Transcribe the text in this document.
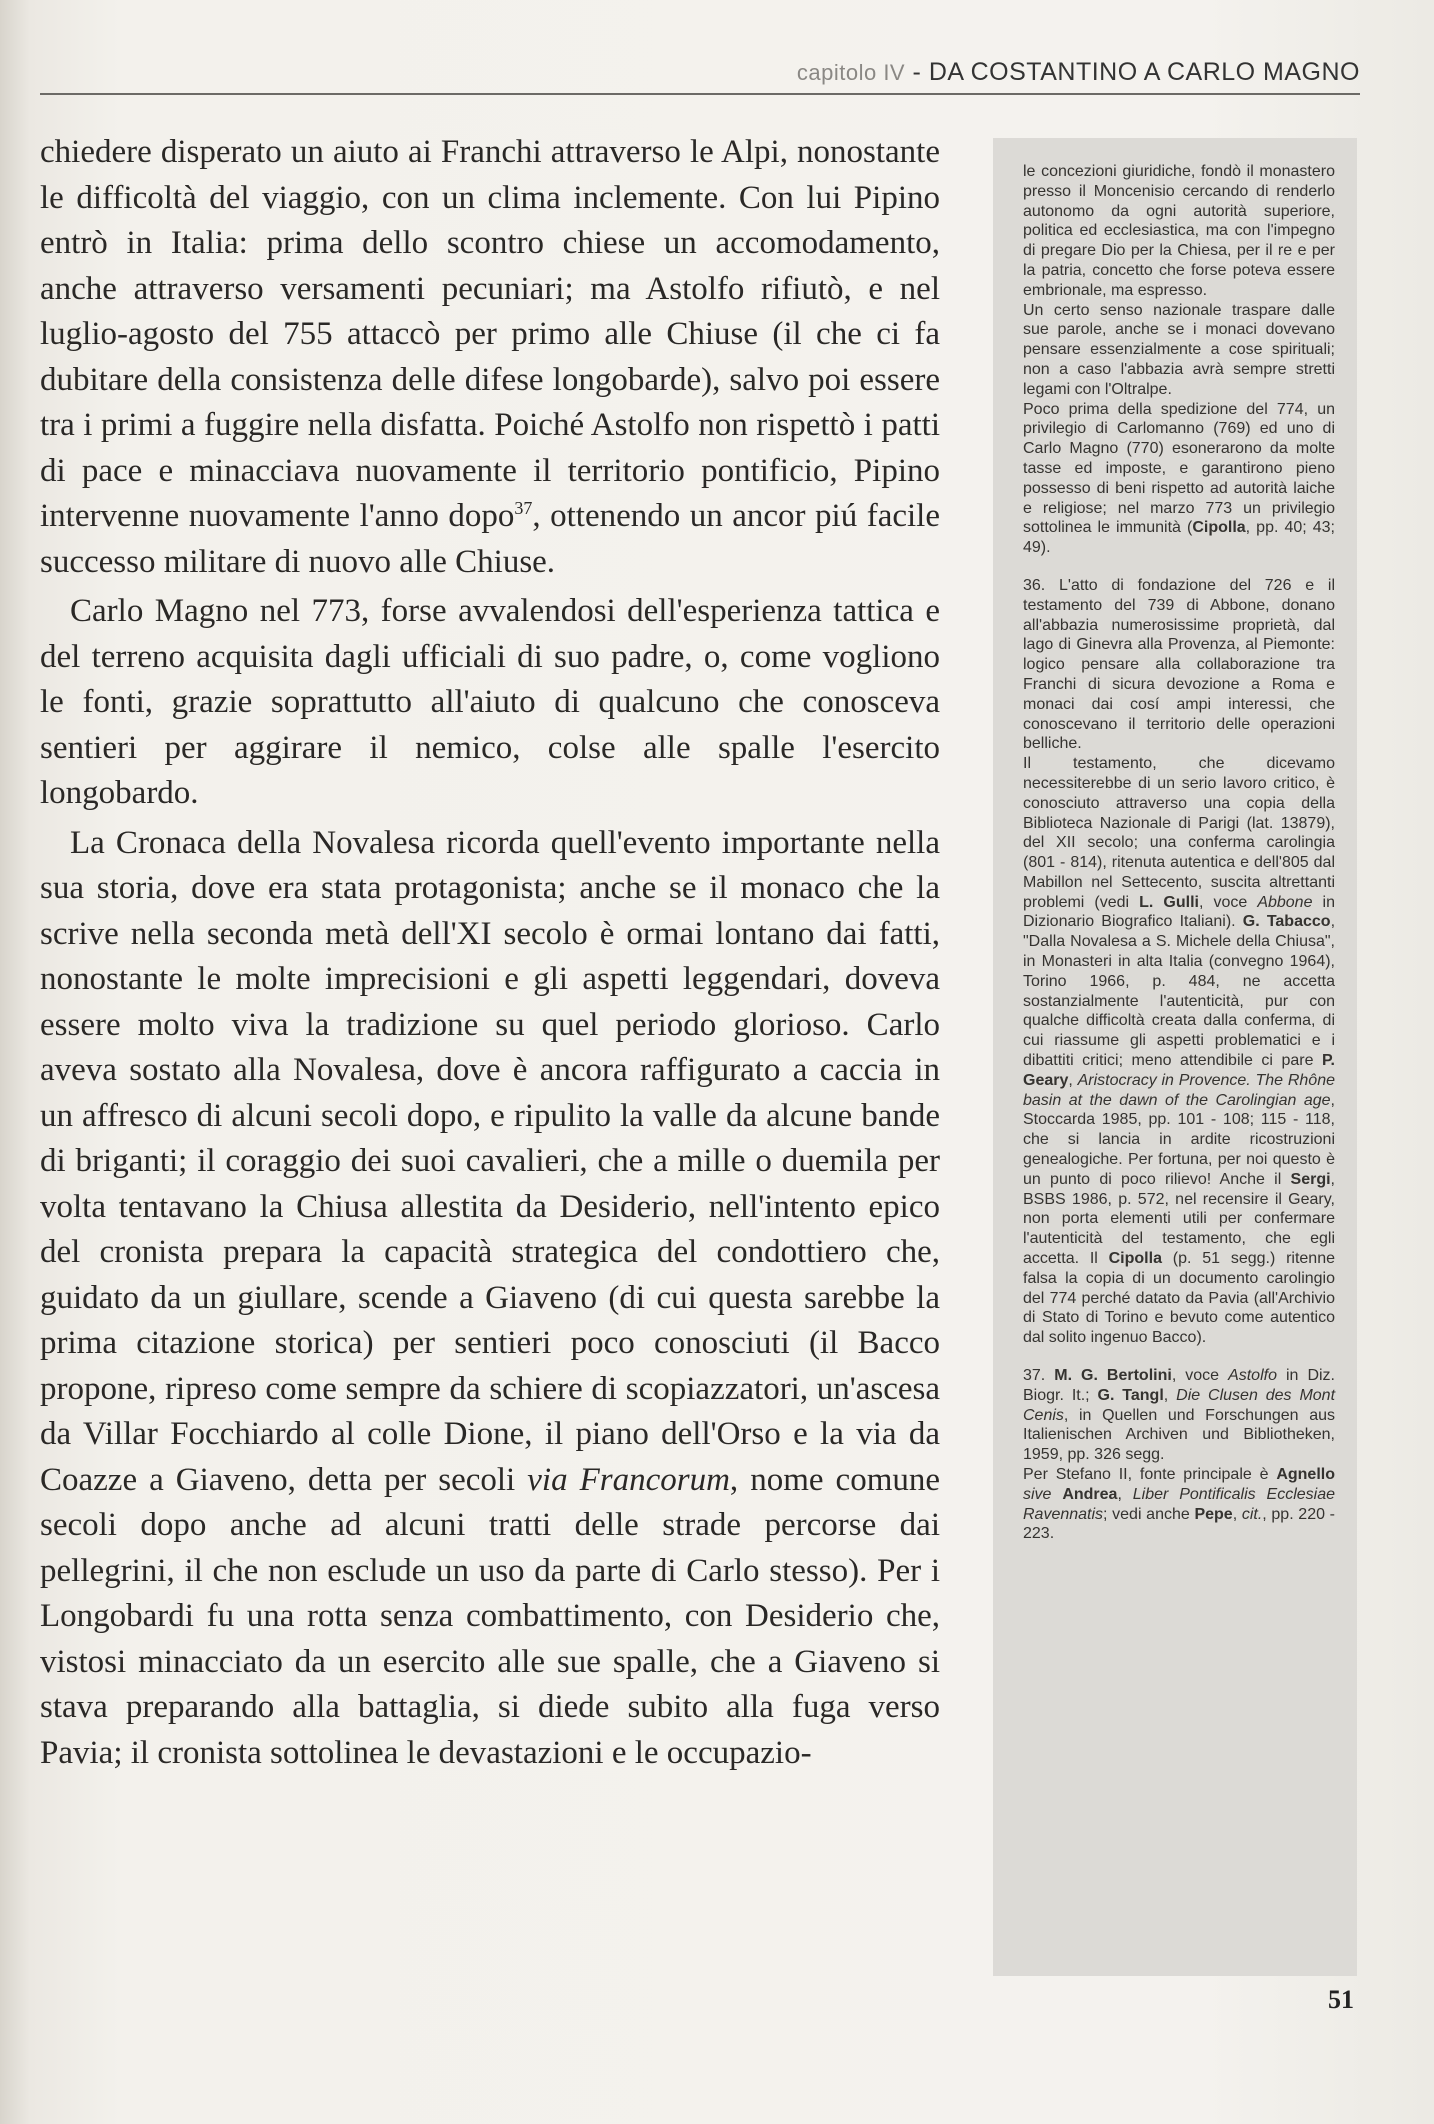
capitolo IV - DA COSTANTINO A CARLO MAGNO

chiedere disperato un aiuto ai Franchi attraverso le Alpi, nonostante le difficoltà del viaggio, con un clima inclemente. Con lui Pipino entrò in Italia: prima dello scontro chiese un accomodamento, anche attraverso versamenti pecuniari; ma Astolfo rifiutò, e nel luglio-agosto del 755 attaccò per primo alle Chiuse (il che ci fa dubitare della consistenza delle difese longobarde), salvo poi essere tra i primi a fuggire nella disfatta. Poiché Astolfo non rispettò i patti di pace e minacciava nuovamente il territorio pontificio, Pipino intervenne nuovamente l'anno dopo$^{37}$, ottenendo un ancor piú facile successo militare di nuovo alle Chiuse.

Carlo Magno nel 773, forse avvalendosi dell'esperienza tattica e del terreno acquisita dagli ufficiali di suo padre, o, come vogliono le fonti, grazie soprattutto all'aiuto di qualcuno che conosceva sentieri per aggirare il nemico, colse alle spalle l'esercito longobardo.

La Cronaca della Novalesa ricorda quell'evento importante nella sua storia, dove era stata protagonista; anche se il monaco che la scrive nella seconda metà dell'XI secolo è ormai lontano dai fatti, nonostante le molte imprecisioni e gli aspetti leggendari, doveva essere molto viva la tradizione su quel periodo glorioso. Carlo aveva sostato alla Novalesa, dove è ancora raffigurato a caccia in un affresco di alcuni secoli dopo, e ripulito la valle da alcune bande di briganti; il coraggio dei suoi cavalieri, che a mille o duemila per volta tentavano la Chiusa allestita da Desiderio, nell'intento epico del cronista prepara la capacità strategica del condottiero che, guidato da un giullare, scende a Giaveno (di cui questa sarebbe la prima citazione storica) per sentieri poco conosciuti (il Bacco propone, ripreso come sempre da schiere di scopiazzatori, un'ascesa da Villar Focchiardo al colle Dione, il piano dell'Orso e la via da Coazze a Giaveno, detta per secoli via Francorum, nome comune secoli dopo anche ad alcuni tratti delle strade percorse dai pellegrini, il che non esclude un uso da parte di Carlo stesso). Per i Longobardi fu una rotta senza combattimento, con Desiderio che, vistosi minacciato da un esercito alle sue spalle, che a Giaveno si stava preparando alla battaglia, si diede subito alla fuga verso Pavia; il cronista sottolinea le devastazioni e le occupazio-

le concezioni giuridiche, fondò il monastero presso il Moncenisio cercando di renderlo autonomo da ogni autorità superiore, politica ed ecclesiastica, ma con l'impegno di pregare Dio per la Chiesa, per il re e per la patria, concetto che forse poteva essere embrionale, ma espresso.

Un certo senso nazionale traspare dalle sue parole, anche se i monaci dovevano pensare essenzialmente a cose spirituali; non a caso l'abbazia avrà sempre stretti legami con l'Oltralpe.

Poco prima della spedizione del 774, un privilegio di Carlomanno (769) ed uno di Carlo Magno (770) esonerarono da molte tasse ed imposte, e garantirono pieno possesso di beni rispetto ad autorità laiche e religiose; nel marzo 773 un privilegio sottolinea le immunità (Cipolla, pp. 40; 43; 49).

36. L'atto di fondazione del 726 e il testamento del 739 di Abbone, donano all'abbazia numerosissime proprietà, dal lago di Ginevra alla Provenza, al Piemonte: logico pensare alla collaborazione tra Franchi di sicura devozione a Roma e monaci dai cosí ampi interessi, che conoscevano il territorio delle operazioni belliche.

Il testamento, che dicevamo necessiterebbe di un serio lavoro critico, è conosciuto attraverso una copia della Biblioteca Nazionale di Parigi (lat. 13879), del XII secolo; una conferma carolingia (801 - 814), ritenuta autentica e dell'805 dal Mabillon nel Settecento, suscita altrettanti problemi (vedi L. Gulli, voce Abbone in Dizionario Biografico Italiani). G. Tabacco, "Dalla Novalesa a S. Michele della Chiusa", in Monasteri in alta Italia (convegno 1964), Torino 1966, p. 484, ne accetta sostanzialmente l'autenticità, pur con qualche difficoltà creata dalla conferma, di cui riassume gli aspetti problematici e i dibattiti critici; meno attendibile ci pare P. Geary, Aristocracy in Provence. The Rhône basin at the dawn of the Carolingian age, Stoccarda 1985, pp. 101 - 108; 115 - 118, che si lancia in ardite ricostruzioni genealogiche. Per fortuna, per noi questo è un punto di poco rilievo! Anche il Sergi, BSBS 1986, p. 572, nel recensire il Geary, non porta elementi utili per confermare l'autenticità del testamento, che egli accetta. Il Cipolla (p. 51 segg.) ritenne falsa la copia di un documento carolingio del 774 perché datato da Pavia (all'Archivio di Stato di Torino e bevuto come autentico dal solito ingenuo Bacco).

37. M. G. Bertolini, voce Astolfo in Diz. Biogr. It.; G. Tangl, Die Clusen des Mont Cenis, in Quellen und Forschungen aus Italienischen Archiven und Bibliotheken, 1959, pp. 326 segg.

Per Stefano II, fonte principale è Agnello sive Andrea, Liber Pontificalis Ecclesiae Ravennatis; vedi anche Pepe, cit., pp. 220 - 223.

51
